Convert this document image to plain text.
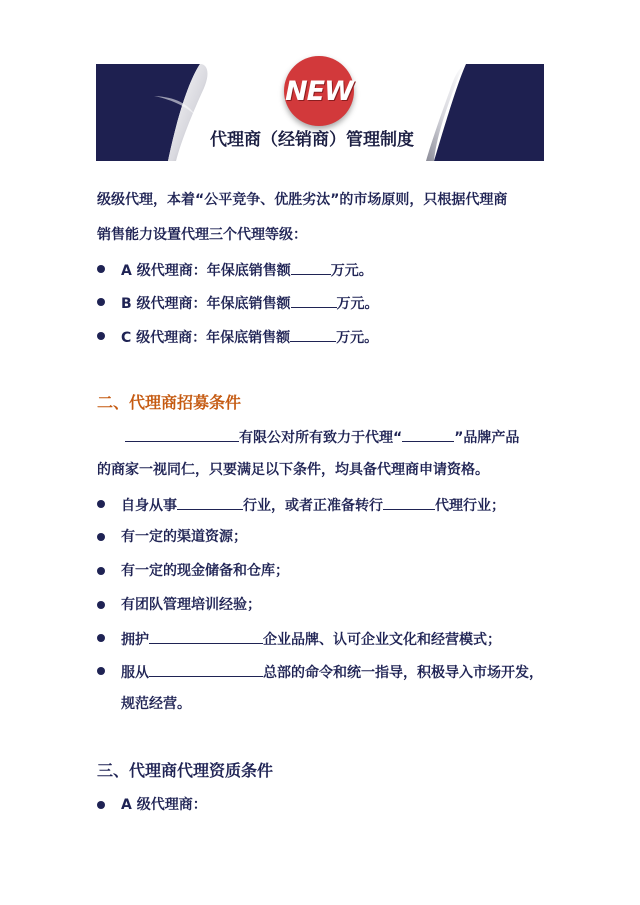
NEW
代理商（经销商）管理制度

级级代理，本着“公平竞争、优胜劣汰”的市场原则，只根据代理商

销售能力设置代理三个代理等级：

A 级代理商：年保底销售额	万元。
B 级代理商：年保底销售额	万元。
C 级代理商：年保底销售额	万元。
二、代理商招募条件

有限公对所有致力于代理“	”品牌产品

的商家一视同仁，只要满足以下条件，均具备代理商申请资格。

自身从事	行业，或者正准备转行	代理行业；
有一定的渠道资源；
有一定的现金储备和仓库；
有团队管理培训经验；
拥护	企业品牌、认可企业文化和经营模式；
服从	总部的命令和统一指导，积极导入市场开发，

规范经营。

三、代理商代理资质条件
A 级代理商：
